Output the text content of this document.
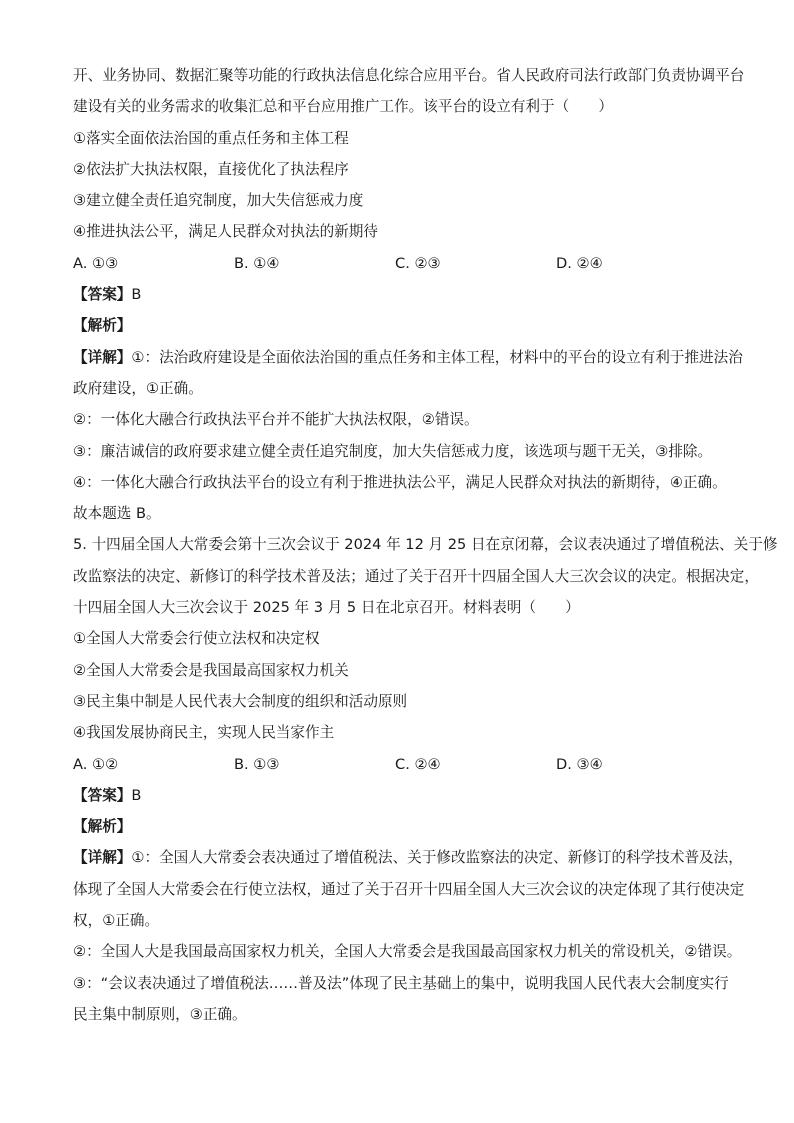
开、业务协同、数据汇聚等功能的行政执法信息化综合应用平台。省人民政府司法行政部门负责协调平台
建设有关的业务需求的收集汇总和平台应用推广工作。该平台的设立有利于（　　）
①落实全面依法治国的重点任务和主体工程
②依法扩大执法权限，直接优化了执法程序
③建立健全责任追究制度，加大失信惩戒力度
④推进执法公平，满足人民群众对执法的新期待
A. ①③	B. ①④	C. ②③	D. ②④
【答案】B
【解析】
【详解】①：法治政府建设是全面依法治国的重点任务和主体工程，材料中的平台的设立有利于推进法治
政府建设，①正确。
②：一体化大融合行政执法平台并不能扩大执法权限，②错误。
③：廉洁诚信的政府要求建立健全责任追究制度，加大失信惩戒力度，该选项与题干无关，③排除。
④：一体化大融合行政执法平台的设立有利于推进执法公平，满足人民群众对执法的新期待，④正确。
故本题选 B。
5. 十四届全国人大常委会第十三次会议于 2024 年 12 月 25 日在京闭幕，会议表决通过了增值税法、关于修
改监察法的决定、新修订的科学技术普及法；通过了关于召开十四届全国人大三次会议的决定。根据决定，
十四届全国人大三次会议于 2025 年 3 月 5 日在北京召开。材料表明（　　）
①全国人大常委会行使立法权和决定权
②全国人大常委会是我国最高国家权力机关
③民主集中制是人民代表大会制度的组织和活动原则
④我国发展协商民主，实现人民当家作主
A. ①②	B. ①③	C. ②④	D. ③④
【答案】B
【解析】
【详解】①：全国人大常委会表决通过了增值税法、关于修改监察法的决定、新修订的科学技术普及法，
体现了全国人大常委会在行使立法权，通过了关于召开十四届全国人大三次会议的决定体现了其行使决定
权，①正确。
②：全国人大是我国最高国家权力机关，全国人大常委会是我国最高国家权力机关的常设机关，②错误。
③：“会议表决通过了增值税法……普及法”体现了民主基础上的集中，说明我国人民代表大会制度实行
民主集中制原则，③正确。
